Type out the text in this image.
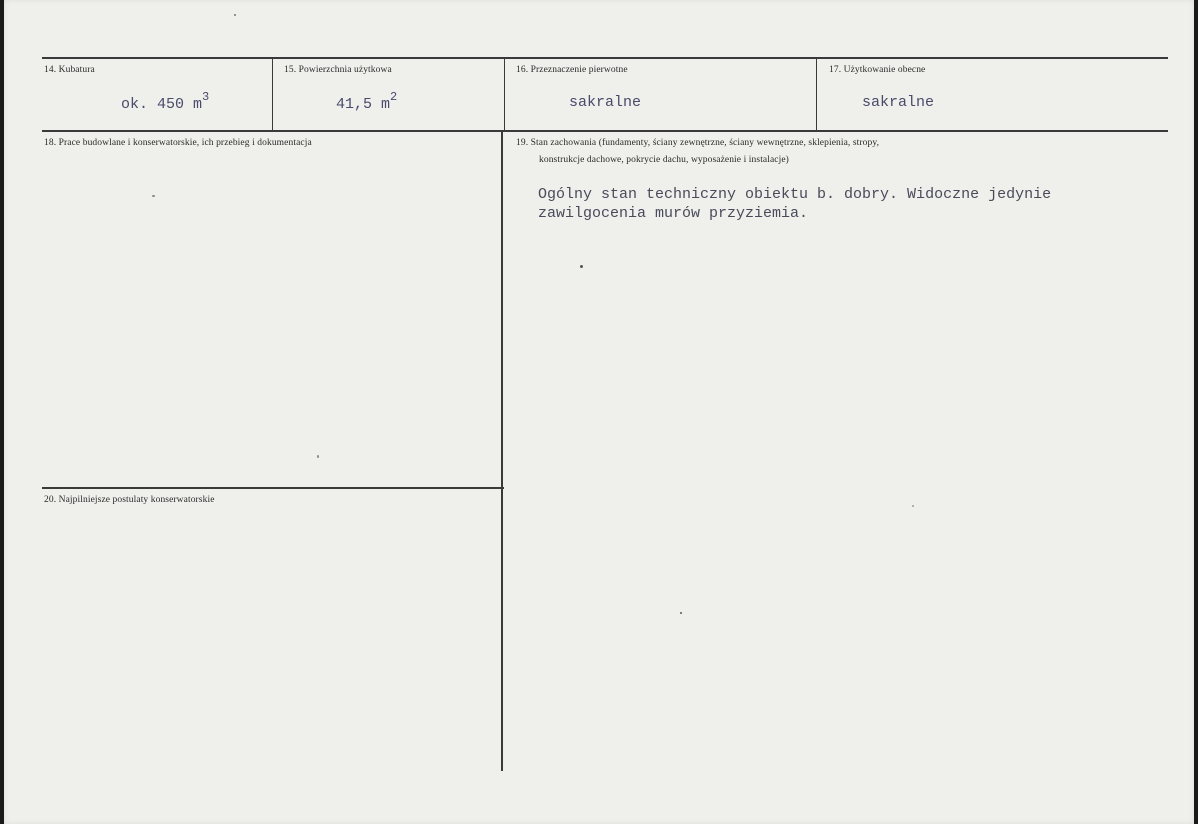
14. Kubatura
ok. 450 $m^3$
15. Powierzchnia użytkowa
41,5 $m^2$
16. Przeznaczenie pierwotne
sakralne
17. Użytkowanie obecne
sakralne
18. Prace budowlane i konserwatorskie, ich przebieg i dokumentacja	19. Stan zachowania (fundamenty, ściany zewnętrzne, ściany wewnętrzne, sklepienia, stropy,
konstrukcje dachowe, pokrycie dachu, wyposażenie i instalacje)
Ogólny stan techniczny obiektu b. dobry. Widoczne jedynie
zawilgocenia murów przyziemia.
20. Najpilniejsze postulaty konserwatorskie
